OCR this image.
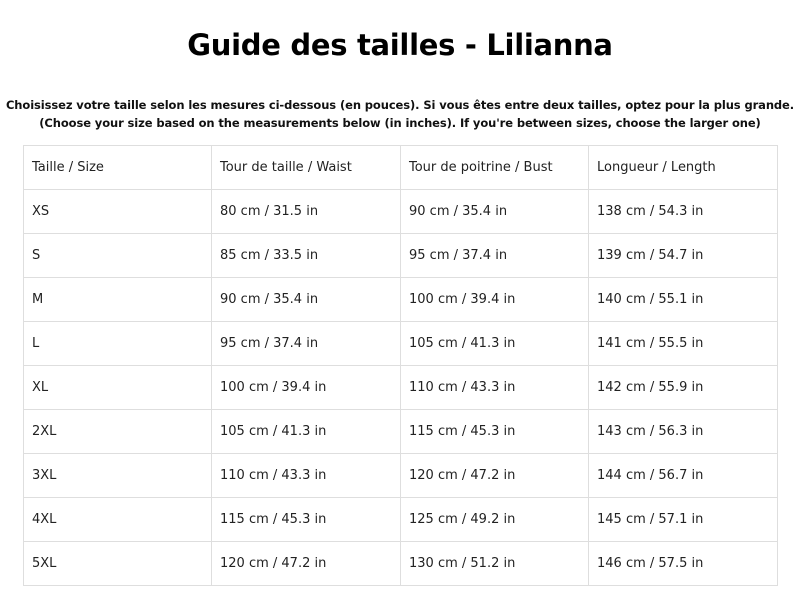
Guide des tailles - Lilianna
Choisissez votre taille selon les mesures ci-dessous (en pouces). Si vous êtes entre deux tailles, optez pour la plus grande.
(Choose your size based on the measurements below (in inches). If you're between sizes, choose the larger one)
Taille / Size	Tour de taille / Waist	Tour de poitrine / Bust	Longueur / Length
XS	80 cm / 31.5 in	90 cm / 35.4 in	138 cm / 54.3 in
S	85 cm / 33.5 in	95 cm / 37.4 in	139 cm / 54.7 in
M	90 cm / 35.4 in	100 cm / 39.4 in	140 cm / 55.1 in
L	95 cm / 37.4 in	105 cm / 41.3 in	141 cm / 55.5 in
XL	100 cm / 39.4 in	110 cm / 43.3 in	142 cm / 55.9 in
2XL	105 cm / 41.3 in	115 cm / 45.3 in	143 cm / 56.3 in
3XL	110 cm / 43.3 in	120 cm / 47.2 in	144 cm / 56.7 in
4XL	115 cm / 45.3 in	125 cm / 49.2 in	145 cm / 57.1 in
5XL	120 cm / 47.2 in	130 cm / 51.2 in	146 cm / 57.5 in
